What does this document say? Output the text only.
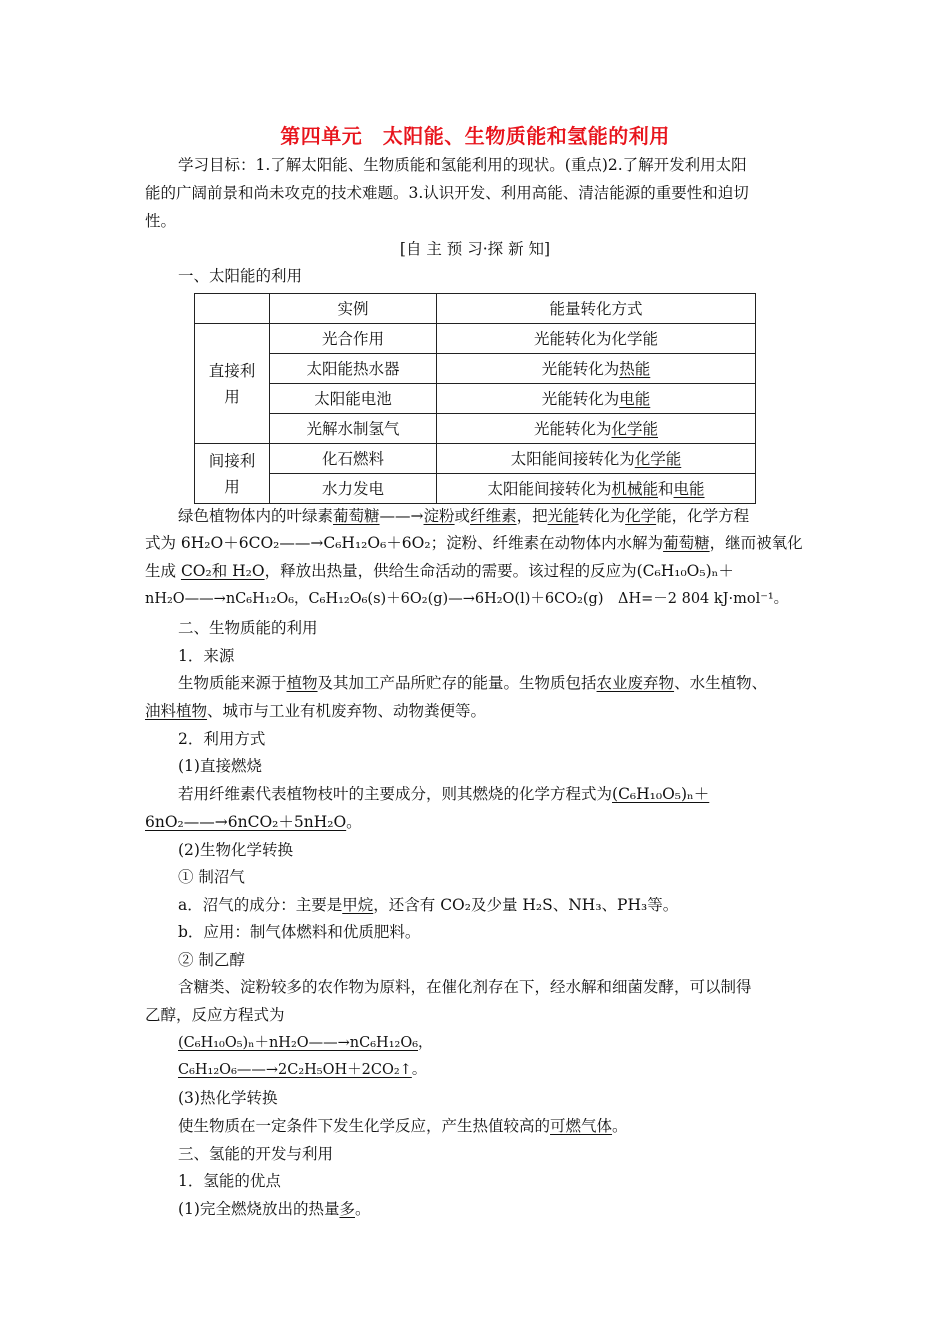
第四单元　太阳能、生物质能和氢能的利用
学习目标：1.了解太阳能、生物质能和氢能利用的现状。(重点)2.了解开发利用太阳
能的广阔前景和尚未攻克的技术难题。3.认识开发、利用高能、清洁能源的重要性和迫切
性。
[自 主 预 习·探 新 知]
一、太阳能的利用
	实例	能量转化方式
直接利用	光合作用	光能转化为化学能
	太阳能热水器	光能转化为热能
	太阳能电池	光能转化为电能
	光解水制氢气	光能转化为化学能
间接利用	化石燃料	太阳能间接转化为化学能
	水力发电	太阳能间接转化为机械能和电能
绿色植物体内的叶绿素葡萄糖——→淀粉或纤维素，把光能转化为化学能，化学方程
式为 6H₂O＋6CO₂——→C₆H₁₂O₆＋6O₂；淀粉、纤维素在动物体内水解为葡萄糖，继而被氧化
生成 CO₂和 H₂O，释放出热量，供给生命活动的需要。该过程的反应为(C₆H₁₀O₅)ₙ＋
nH₂O——→nC₆H₁₂O₆，C₆H₁₂O₆(s)＋6O₂(g)—→6H₂O(l)＋6CO₂(g)　ΔH=－2 804 kJ·mol⁻¹。
二、生物质能的利用
1．来源
生物质能来源于植物及其加工产品所贮存的能量。生物质包括农业废弃物、水生植物、
油料植物、城市与工业有机废弃物、动物粪便等。
2．利用方式
(1)直接燃烧
若用纤维素代表植物枝叶的主要成分，则其燃烧的化学方程式为(C₆H₁₀O₅)ₙ＋
6nO₂——→6nCO₂＋5nH₂O。
(2)生物化学转换
① 制沼气
a．沼气的成分：主要是甲烷，还含有 CO₂及少量 H₂S、NH₃、PH₃等。
b．应用：制气体燃料和优质肥料。
② 制乙醇
含糖类、淀粉较多的农作物为原料，在催化剂存在下，经水解和细菌发酵，可以制得
乙醇，反应方程式为
(C₆H₁₀O₅)ₙ＋nH₂O——→nC₆H₁₂O₆，
C₆H₁₂O₆——→2C₂H₅OH＋2CO₂↑。
(3)热化学转换
使生物质在一定条件下发生化学反应，产生热值较高的可燃气体。
三、氢能的开发与利用
1．氢能的优点
(1)完全燃烧放出的热量多。
